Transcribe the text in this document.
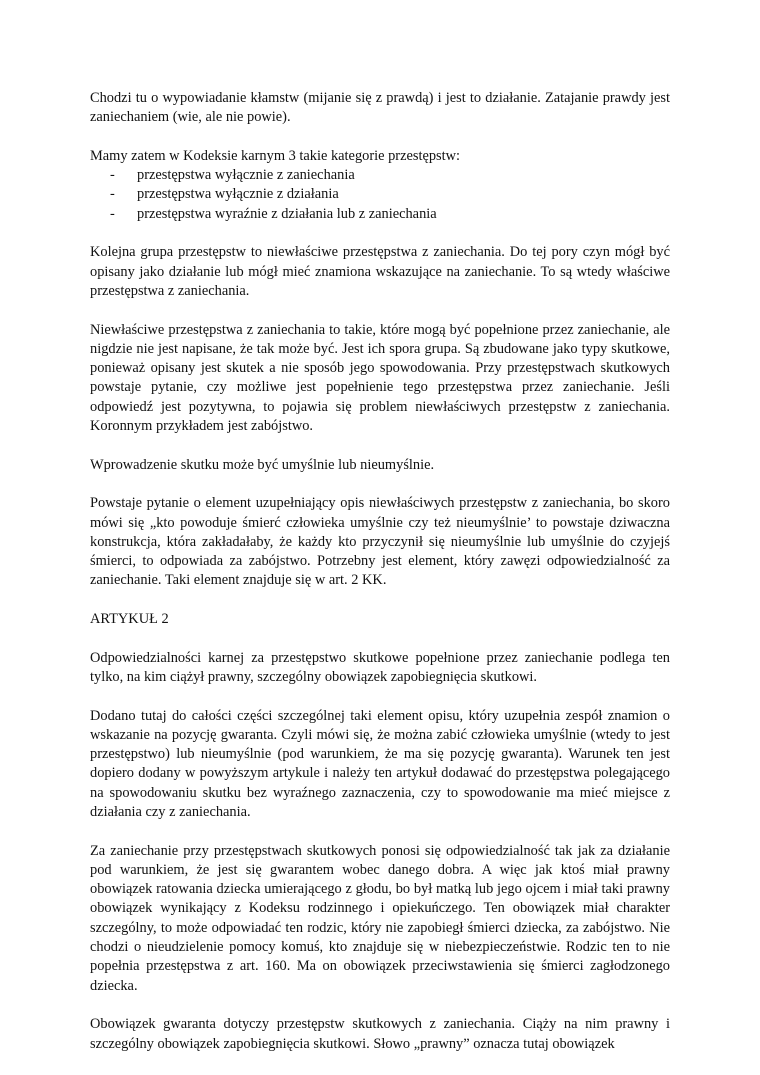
Chodzi tu o wypowiadanie kłamstw (mijanie się z prawdą) i jest to działanie. Zatajanie prawdy jest zaniechaniem (wie, ale nie powie).

Mamy zatem w Kodeksie karnym 3 takie kategorie przestępstw:

- przestępstwa wyłącznie z zaniechania
- przestępstwa wyłącznie z działania
- przestępstwa wyraźnie z działania lub z zaniechania

Kolejna grupa przestępstw to niewłaściwe przestępstwa z zaniechania. Do tej pory czyn mógł być opisany jako działanie lub mógł mieć znamiona wskazujące na zaniechanie. To są wtedy właściwe przestępstwa z zaniechania.

Niewłaściwe przestępstwa z zaniechania to takie, które mogą być popełnione przez zaniechanie, ale nigdzie nie jest napisane, że tak może być. Jest ich spora grupa. Są zbudowane jako typy skutkowe, ponieważ opisany jest skutek a nie sposób jego spowodowania. Przy przestępstwach skutkowych powstaje pytanie, czy możliwe jest popełnienie tego przestępstwa przez zaniechanie. Jeśli odpowiedź jest pozytywna, to pojawia się problem niewłaściwych przestępstw z zaniechania. Koronnym przykładem jest zabójstwo.

Wprowadzenie skutku może być umyślnie lub nieumyślnie.

Powstaje pytanie o element uzupełniający opis niewłaściwych przestępstw z zaniechania, bo skoro mówi się „kto powoduje śmierć człowieka umyślnie czy też nieumyślnie’ to powstaje dziwaczna konstrukcja, która zakładałaby, że każdy kto przyczynił się nieumyślnie lub umyślnie do czyjejś śmierci, to odpowiada za zabójstwo. Potrzebny jest element, który zawęzi odpowiedzialność za zaniechanie. Taki element znajduje się w art. 2 KK.

ARTYKUŁ 2

Odpowiedzialności karnej za przestępstwo skutkowe popełnione przez zaniechanie podlega ten tylko, na kim ciążył prawny, szczególny obowiązek zapobiegnięcia skutkowi.

Dodano tutaj do całości części szczególnej taki element opisu, który uzupełnia zespół znamion o wskazanie na pozycję gwaranta. Czyli mówi się, że można zabić człowieka umyślnie (wtedy to jest przestępstwo) lub nieumyślnie (pod warunkiem, że ma się pozycję gwaranta). Warunek ten jest dopiero dodany w powyższym artykule i należy ten artykuł dodawać do przestępstwa polegającego na spowodowaniu skutku bez wyraźnego zaznaczenia, czy to spowodowanie ma mieć miejsce z działania czy z zaniechania.

Za zaniechanie przy przestępstwach skutkowych ponosi się odpowiedzialność tak jak za działanie pod warunkiem, że jest się gwarantem wobec danego dobra. A więc jak ktoś miał prawny obowiązek ratowania dziecka umierającego z głodu, bo był matką lub jego ojcem i miał taki prawny obowiązek wynikający z Kodeksu rodzinnego i opiekuńczego. Ten obowiązek miał charakter szczególny, to może odpowiadać ten rodzic, który nie zapobiegł śmierci dziecka, za zabójstwo. Nie chodzi o nieudzielenie pomocy komuś, kto znajduje się w niebezpieczeństwie. Rodzic ten to nie popełnia przestępstwa z art. 160. Ma on obowiązek przeciwstawienia się śmierci zagłodzonego dziecka.

Obowiązek gwaranta dotyczy przestępstw skutkowych z zaniechania. Ciąży na nim prawny i szczególny obowiązek zapobiegnięcia skutkowi. Słowo „prawny” oznacza tutaj obowiązek
